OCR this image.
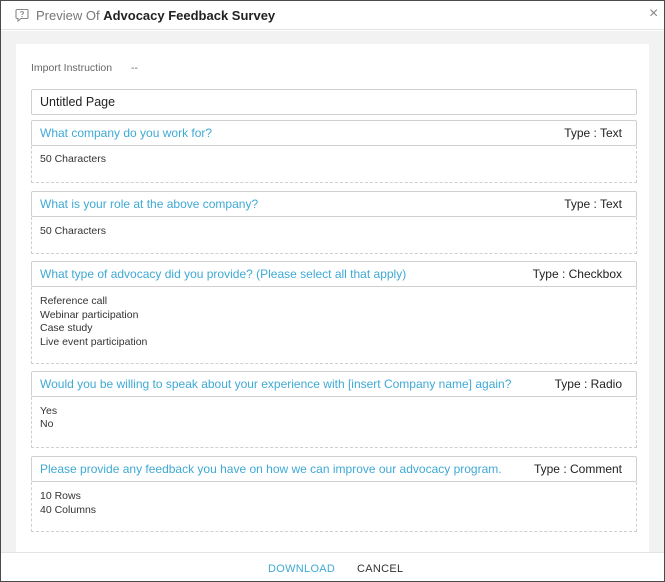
Preview Of Advocacy Feedback Survey	×
Import Instruction --
Untitled Page
What company do you work for?	Type : Text
50 Characters
What is your role at the above company?	Type : Text
50 Characters
What type of advocacy did you provide? (Please select all that apply)	Type : Checkbox
Reference call
Webinar participation
Case study
Live event participation
Would you be willing to speak about your experience with [insert Company name] again?	Type : Radio
Yes
No
Please provide any feedback you have on how we can improve our advocacy program.	Type : Comment
10 Rows
40 Columns
DOWNLOAD CANCEL
